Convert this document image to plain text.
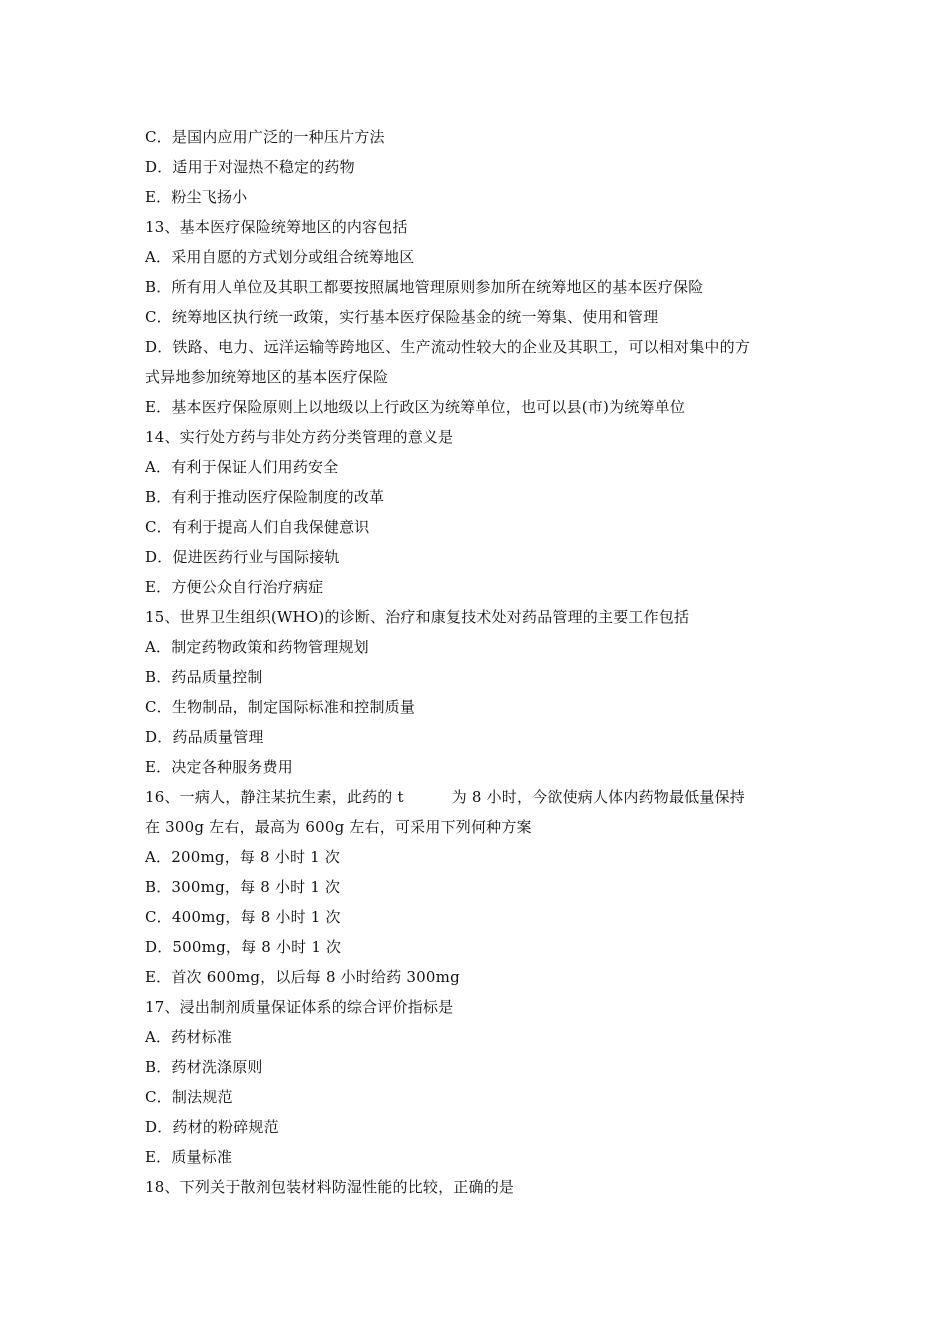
C．是国内应用广泛的一种压片方法
D．适用于对湿热不稳定的药物
E．粉尘飞扬小
13、基本医疗保险统筹地区的内容包括
A．采用自愿的方式划分或组合统筹地区
B．所有用人单位及其职工都要按照属地管理原则参加所在统筹地区的基本医疗保险
C．统筹地区执行统一政策，实行基本医疗保险基金的统一筹集、使用和管理
D．铁路、电力、远洋运输等跨地区、生产流动性较大的企业及其职工，可以相对集中的方
式异地参加统筹地区的基本医疗保险
E．基本医疗保险原则上以地级以上行政区为统筹单位，也可以县(市)为统筹单位
14、实行处方药与非处方药分类管理的意义是
A．有利于保证人们用药安全
B．有利于推动医疗保险制度的改革
C．有利于提高人们自我保健意识
D．促进医药行业与国际接轨
E．方便公众自行治疗病症
15、世界卫生组织(WHO)的诊断、治疗和康复技术处对药品管理的主要工作包括
A．制定药物政策和药物管理规划
B．药品质量控制
C．生物制品，制定国际标准和控制质量
D．药品质量管理
E．决定各种服务费用
16、一病人，静注某抗生素，此药的 t	为 8 小时，今欲使病人体内药物最低量保持
在 300g 左右，最高为 600g 左右，可采用下列何种方案
A．200mg，每 8 小时 1 次
B．300mg，每 8 小时 1 次
C．400mg，每 8 小时 1 次
D．500mg，每 8 小时 1 次
E．首次 600mg，以后每 8 小时给药 300mg
17、浸出制剂质量保证体系的综合评价指标是
A．药材标准
B．药材洗涤原则
C．制法规范
D．药材的粉碎规范
E．质量标准
18、下列关于散剂包装材料防湿性能的比较，正确的是
